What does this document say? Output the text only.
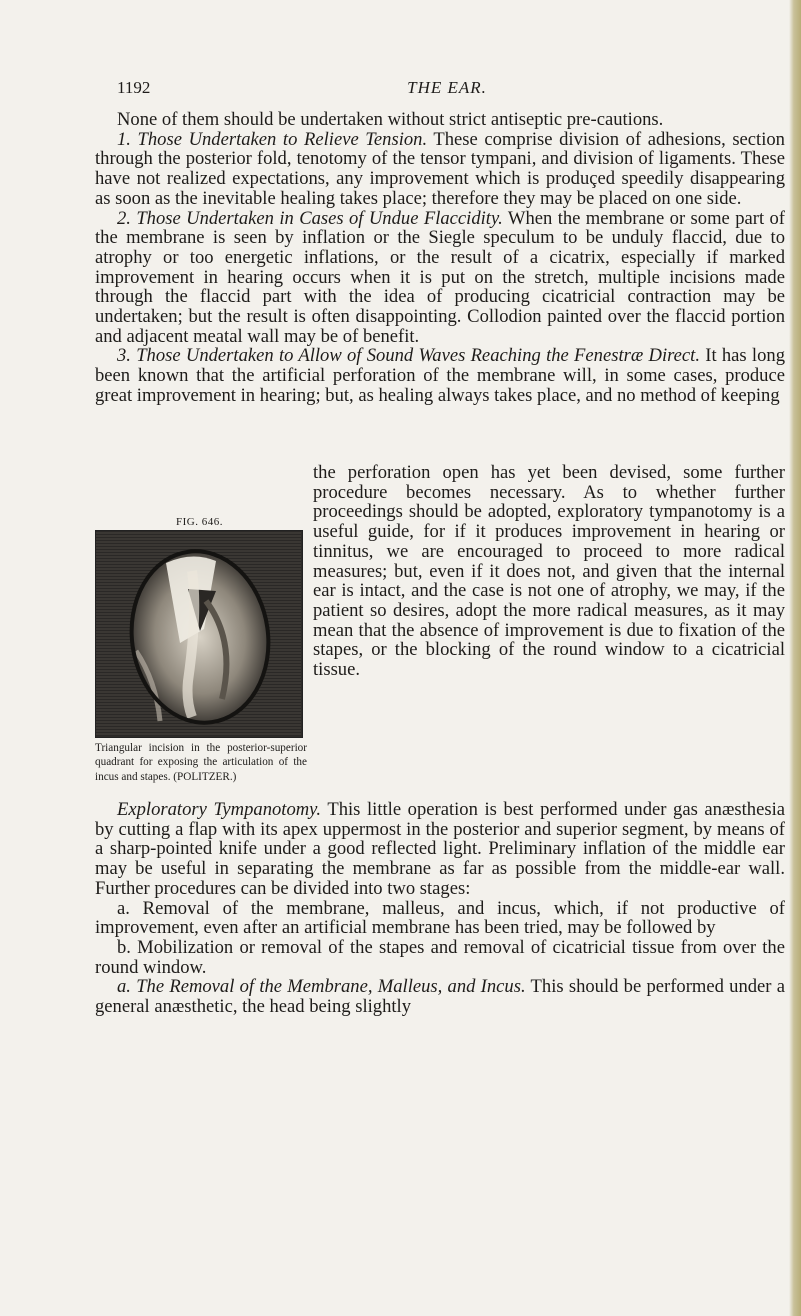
1192	THE EAR.

None of them should be undertaken without strict antiseptic pre-cautions.

1. Those Undertaken to Relieve Tension. These comprise division of adhesions, section through the posterior fold, tenotomy of the tensor tympani, and division of ligaments. These have not realized expectations, any improvement which is produçed speedily disappearing as soon as the inevitable healing takes place; therefore they may be placed on one side.

2. Those Undertaken in Cases of Undue Flaccidity. When the membrane or some part of the membrane is seen by inflation or the Siegle speculum to be unduly flaccid, due to atrophy or too energetic inflations, or the result of a cicatrix, especially if marked improvement in hearing occurs when it is put on the stretch, multiple incisions made through the flaccid part with the idea of producing cicatricial contraction may be undertaken; but the result is often disappointing. Collodion painted over the flaccid portion and adjacent meatal wall may be of benefit.

3. Those Undertaken to Allow of Sound Waves Reaching the Fenestræ Direct. It has long been known that the artificial perforation of the membrane will, in some cases, produce great improvement in hearing; but, as healing always takes place, and no method of keeping

FIG. 646.
Triangular incision in the posterior-superior quadrant for exposing the articulation of the incus and stapes. (POLITZER.)

the perforation open has yet been devised, some further procedure becomes necessary. As to whether further proceedings should be adopted, exploratory tympanotomy is a useful guide, for if it produces improvement in hearing or tinnitus, we are encouraged to proceed to more radical measures; but, even if it does not, and given that the internal ear is intact, and the case is not one of atrophy, we may, if the patient so desires, adopt the more radical measures, as it may mean that the absence of improvement is due to fixation of the stapes, or the blocking of the round window to a cicatricial tissue.

Exploratory Tympanotomy. This little operation is best performed under gas anæsthesia by cutting a flap with its apex uppermost in the posterior and superior segment, by means of a sharp-pointed knife under a good reflected light. Preliminary inflation of the middle ear may be useful in separating the membrane as far as possible from the middle-ear wall. Further procedures can be divided into two stages:

a. Removal of the membrane, malleus, and incus, which, if not productive of improvement, even after an artificial membrane has been tried, may be followed by

b. Mobilization or removal of the stapes and removal of cicatricial tissue from over the round window.

a. The Removal of the Membrane, Malleus, and Incus. This should be performed under a general anæsthetic, the head being slightly
